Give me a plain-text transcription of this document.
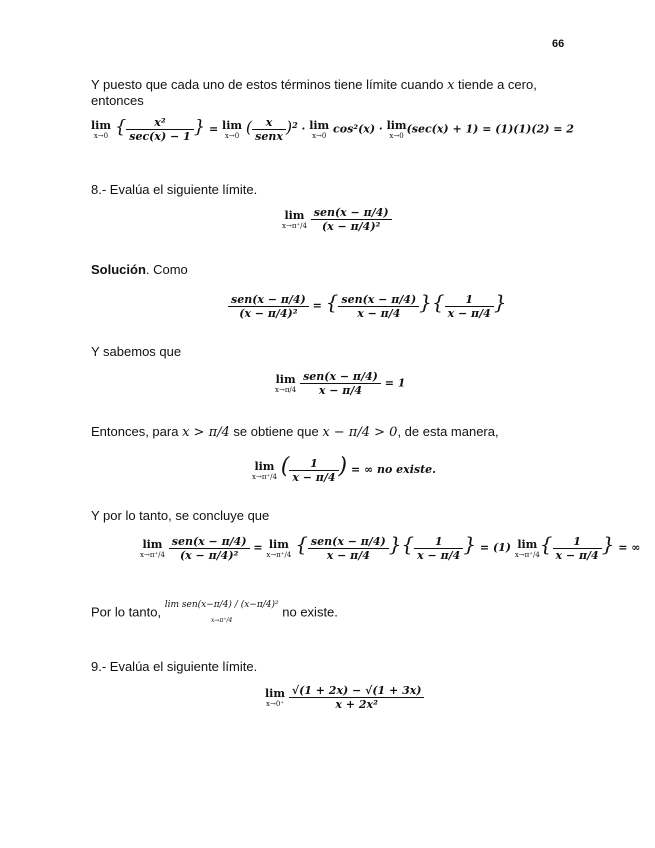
66
Y puesto que cada uno de estos términos tiene límite cuando x tiende a cero,
entonces
lim
x→0 { $\frac{\text{x²}}{\sec(x) - 1}$ } = lim
x→0 ( $\frac{x}{\text{senx}} )^2 \cdot \lim$
x→0
cos²(x) · lim
x→0
(sec(x) + 1) = (1)(1)(2) = 2
8.- Evalúa el siguiente límite.
lim
x→π⁺/4
$\frac{\text{sen(x − π/4)}}{\text{(x − π/4)²}}$
Solución. Como
$\frac{\text{sen(x − π/4)}}{\text{(x − π/4)²}}$ = { $\frac{\text{sen(x − π/4)}}{x - \pi/4}$ }{ $\frac{1}{x - \pi/4}$ }
Y sabemos que
lim
x→π/4
$\frac{\text{sen(x − π/4)}}{x - \pi/4} = 1$
Entonces, para x > π/4 se obtiene que x − π/4 > 0, de esta manera,
lim
x→π⁺/4 ( $\frac{1}{x - \pi/4}$ ) = ∞ no existe.
Y por lo tanto, se concluye que
lim
x→π⁺/4
$\frac{\text{sen(x − π/4)}}{\text{(x − π/4)²}} = \lim$
x→π⁺/4 { $\frac{\text{sen(x − π/4)}}{x - \pi/4}$ }{ $\frac{1}{x - \pi/4}$ } = (1) lim
x→π⁺/4 { $\frac{1}{x - \pi/4}$ } = ∞
Por lo tanto, lim sen(x−π/4) / (x−π/4)²
x→π⁺/4
no existe.
9.- Evalúa el siguiente límite.
lim
x→0⁺
$\frac{√(1 + 2x) - √(1 + 3x)}{\text{x + 2x²}}$
